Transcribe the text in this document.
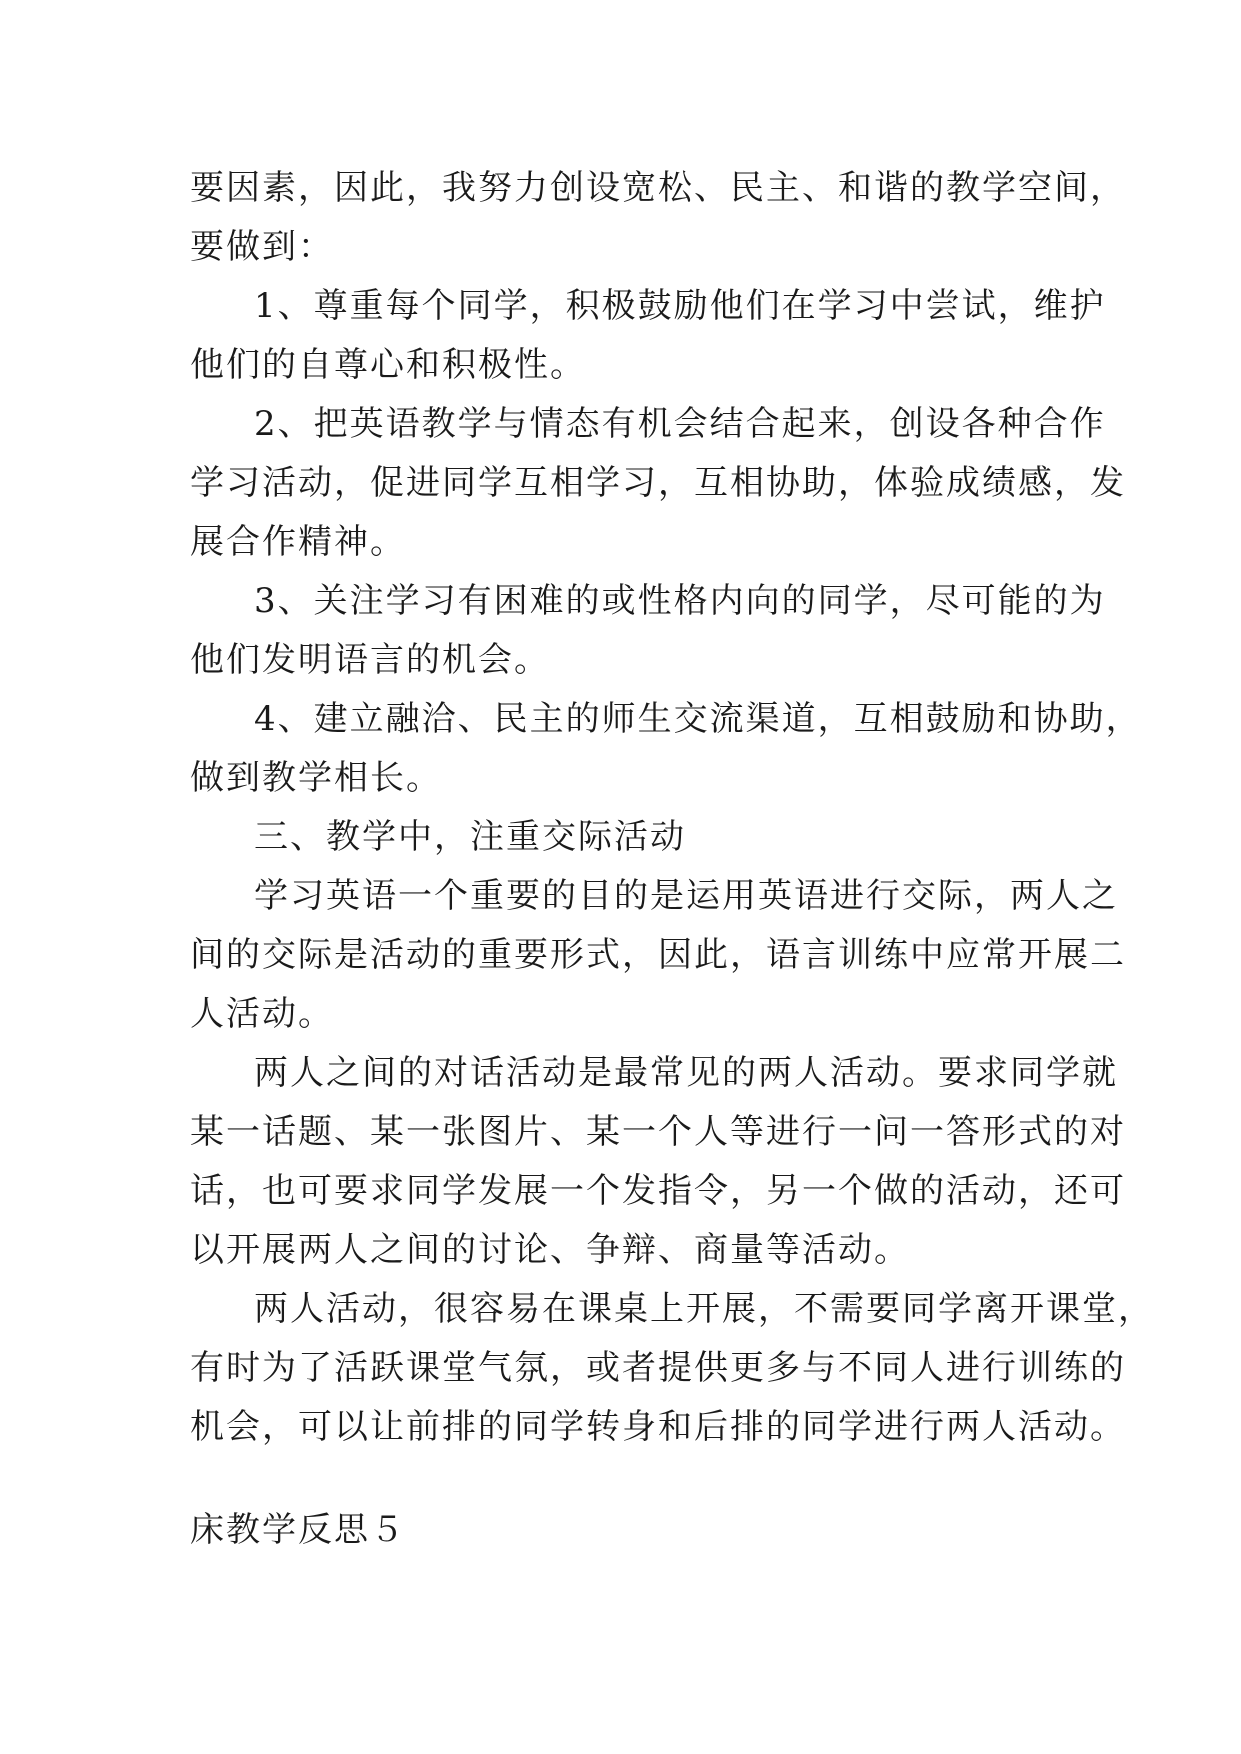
要因素，因此，我努力创设宽松、民主、和谐的教学空间，
要做到：
1、尊重每个同学，积极鼓励他们在学习中尝试，维护
他们的自尊心和积极性。
2、把英语教学与情态有机会结合起来，创设各种合作
学习活动，促进同学互相学习，互相协助，体验成绩感，发
展合作精神。
3、关注学习有困难的或性格内向的同学，尽可能的为
他们发明语言的机会。
4、建立融洽、民主的师生交流渠道，互相鼓励和协助，
做到教学相长。
三、教学中，注重交际活动
学习英语一个重要的目的是运用英语进行交际，两人之
间的交际是活动的重要形式，因此，语言训练中应常开展二
人活动。
两人之间的对话活动是最常见的两人活动。要求同学就
某一话题、某一张图片、某一个人等进行一问一答形式的对
话，也可要求同学发展一个发指令，另一个做的活动，还可
以开展两人之间的讨论、争辩、商量等活动。
两人活动，很容易在课桌上开展，不需要同学离开课堂，
有时为了活跃课堂气氛，或者提供更多与不同人进行训练的
机会，可以让前排的同学转身和后排的同学进行两人活动。
床教学反思５
